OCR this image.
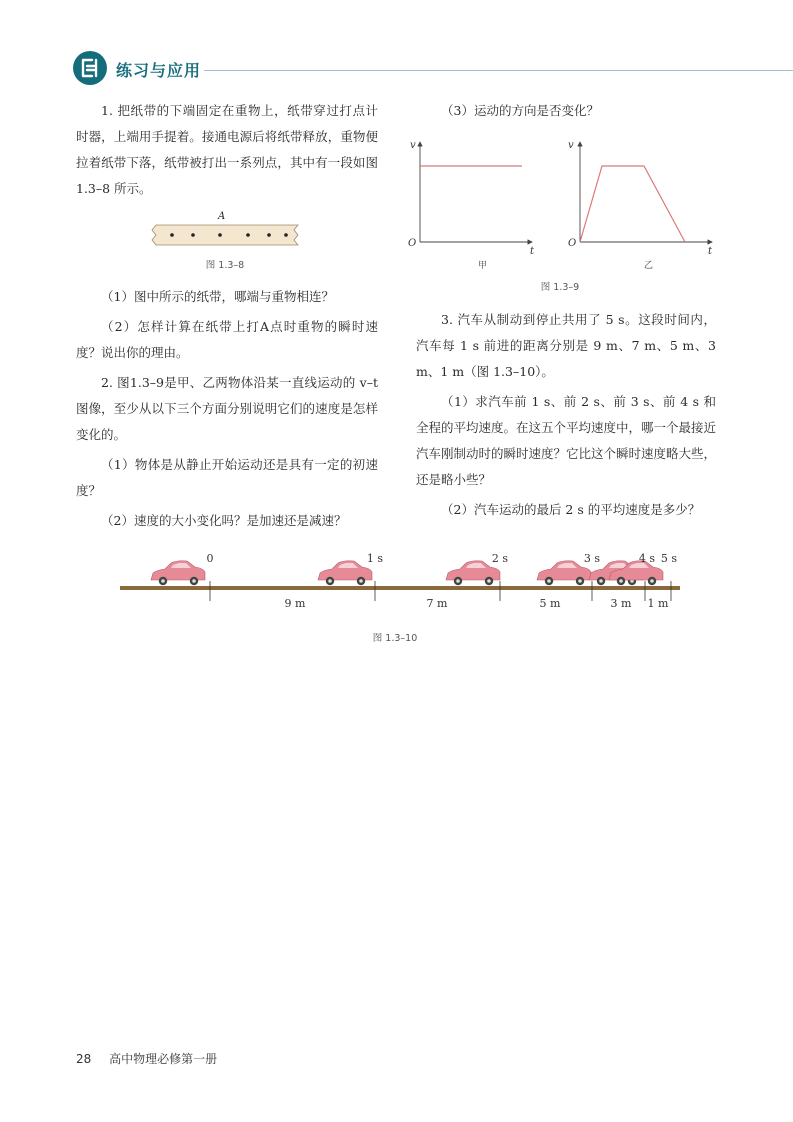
练习与应用

1. 把纸带的下端固定在重物上，纸带穿过打点计时器，上端用手提着。接通电源后将纸带释放，重物便拉着纸带下落，纸带被打出一系列点，其中有一段如图 1.3–8 所示。

（1）图中所示的纸带，哪端与重物相连？

（2）怎样计算在纸带上打A点时重物的瞬时速度？说出你的理由。

2. 图1.3–9是甲、乙两物体沿某一直线运动的 v–t 图像，至少从以下三个方面分别说明它们的速度是怎样变化的。

（1）物体是从静止开始运动还是具有一定的初速度？

（2）速度的大小变化吗？是加速还是减速？

A
图 1.3–8

（3）运动的方向是否变化？

3. 汽车从制动到停止共用了 5 s。这段时间内，汽车每 1 s 前进的距离分别是 9 m、7 m、5 m、3 m、1 m（图 1.3–10）。

（1）求汽车前 1 s、前 2 s、前 3 s、前 4 s 和全程的平均速度。在这五个平均速度中，哪一个最接近汽车刚制动时的瞬时速度？它比这个瞬时速度略大些，还是略小些？

（2）汽车运动的最后 2 s 的平均速度是多少？

v
t
O
甲
v
t
O
乙
图 1.3–9
0	1 s	2 s	3 s	4 s 5 s
9 m	7 m	5 m	3 m 1 m
图 1.3–10
28 高中物理必修第一册
